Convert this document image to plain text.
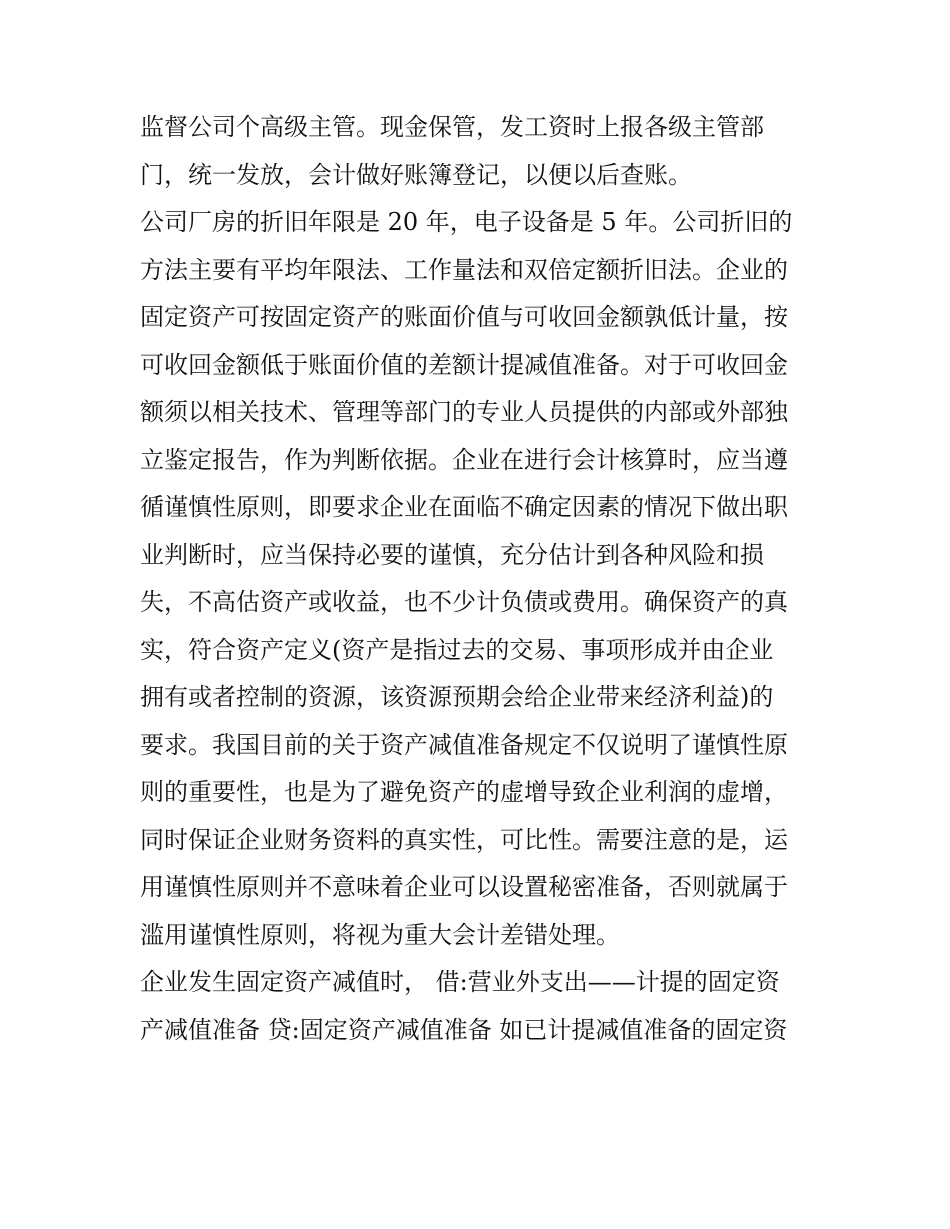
监督公司个高级主管。现金保管，发工资时上报各级主管部
门，统一发放，会计做好账簿登记，以便以后查账。
公司厂房的折旧年限是 20 年，电子设备是 5 年。公司折旧的
方法主要有平均年限法、工作量法和双倍定额折旧法。企业的
固定资产可按固定资产的账面价值与可收回金额孰低计量，按
可收回金额低于账面价值的差额计提减值准备。对于可收回金
额须以相关技术、管理等部门的专业人员提供的内部或外部独
立鉴定报告，作为判断依据。企业在进行会计核算时，应当遵
循谨慎性原则，即要求企业在面临不确定因素的情况下做出职
业判断时，应当保持必要的谨慎，充分估计到各种风险和损
失，不高估资产或收益，也不少计负债或费用。确保资产的真
实，符合资产定义(资产是指过去的交易、事项形成并由企业
拥有或者控制的资源，该资源预期会给企业带来经济利益)的
要求。我国目前的关于资产减值准备规定不仅说明了谨慎性原
则的重要性，也是为了避免资产的虚增导致企业利润的虚增，
同时保证企业财务资料的真实性，可比性。需要注意的是，运
用谨慎性原则并不意味着企业可以设置秘密准备，否则就属于
滥用谨慎性原则，将视为重大会计差错处理。
企业发生固定资产减值时， 借:营业外支出——计提的固定资
产减值准备 贷:固定资产减值准备 如已计提减值准备的固定资
